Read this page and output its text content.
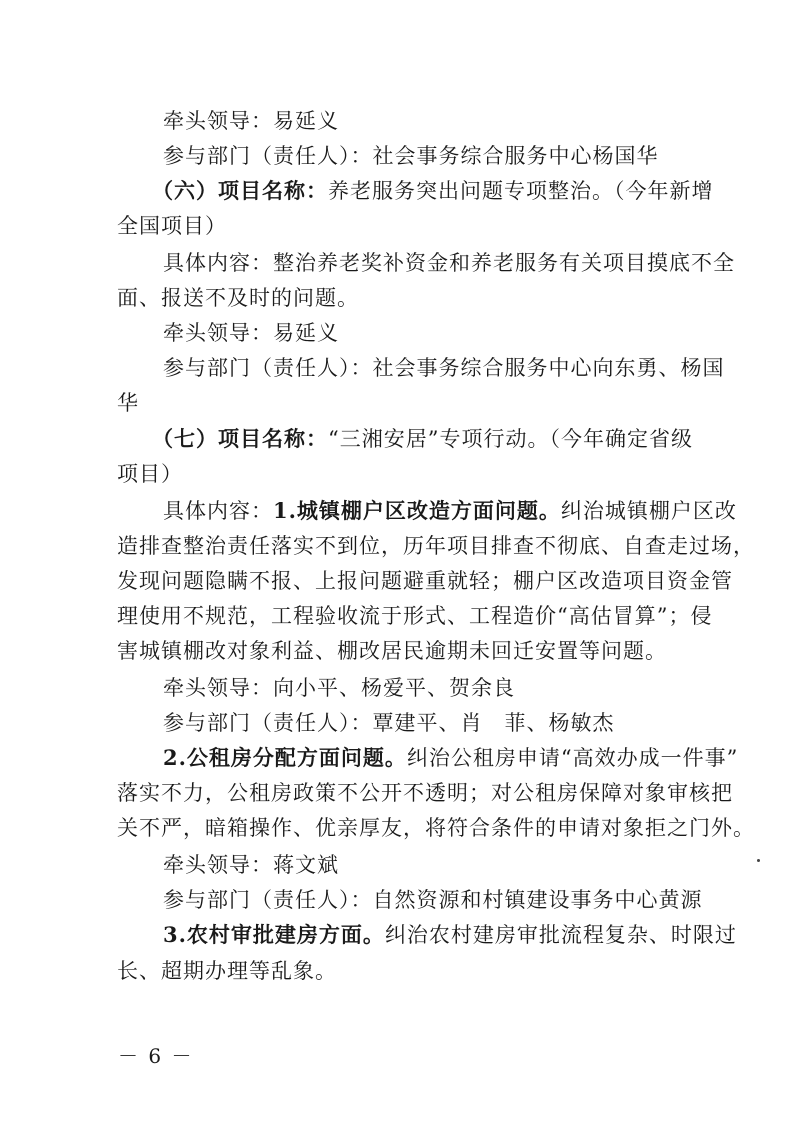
牵头领导：易延义
参与部门（责任人）：社会事务综合服务中心杨国华
（六）项目名称：养老服务突出问题专项整治。（今年新增
全国项目）
具体内容：整治养老奖补资金和养老服务有关项目摸底不全
面、报送不及时的问题。
牵头领导：易延义
参与部门（责任人）：社会事务综合服务中心向东勇、杨国
华
（七）项目名称：“三湘安居”专项行动。（今年确定省级
项目）
具体内容：1.城镇棚户区改造方面问题。纠治城镇棚户区改
造排查整治责任落实不到位，历年项目排查不彻底、自查走过场，
发现问题隐瞒不报、上报问题避重就轻；棚户区改造项目资金管
理使用不规范，工程验收流于形式、工程造价“高估冒算”；侵
害城镇棚改对象利益、棚改居民逾期未回迁安置等问题。
牵头领导：向小平、杨爱平、贺余良
参与部门（责任人）：覃建平、肖　菲、杨敏杰
2.公租房分配方面问题。纠治公租房申请“高效办成一件事”
落实不力，公租房政策不公开不透明；对公租房保障对象审核把
关不严，暗箱操作、优亲厚友，将符合条件的申请对象拒之门外。
牵头领导：蒋文斌
参与部门（责任人）：自然资源和村镇建设事务中心黄源
3.农村审批建房方面。纠治农村建房审批流程复杂、时限过
长、超期办理等乱象。
－ 6 －
